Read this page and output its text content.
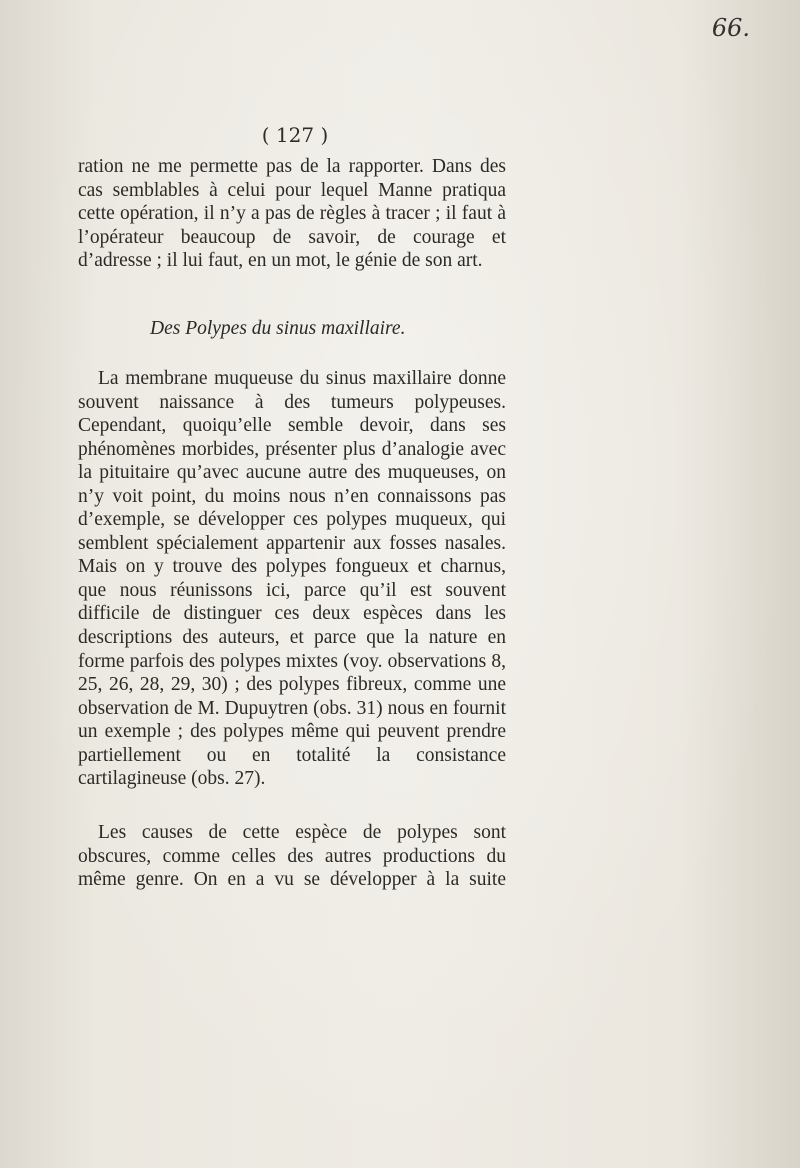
66.
( 127 )

ration ne me permette pas de la rapporter. Dans des cas semblables à celui pour lequel Manne pratiqua cette opération, il n’y a pas de règles à tracer ; il faut à l’opérateur beaucoup de savoir, de courage et d’adresse ; il lui faut, en un mot, le génie de son art.

Des Polypes du sinus maxillaire.

La membrane muqueuse du sinus maxillaire donne souvent naissance à des tumeurs polypeuses. Cependant, quoiqu’elle semble devoir, dans ses phénomènes morbides, présenter plus d’analogie avec la pituitaire qu’avec aucune autre des muqueuses, on n’y voit point, du moins nous n’en connaissons pas d’exemple, se développer ces polypes muqueux, qui semblent spécialement appartenir aux fosses nasales. Mais on y trouve des polypes fongueux et charnus, que nous réunissons ici, parce qu’il est souvent difficile de distinguer ces deux espèces dans les descriptions des auteurs, et parce que la nature en forme parfois des polypes mixtes (voy. observations 8, 25, 26, 28, 29, 30) ; des polypes fibreux, comme une observation de M. Dupuytren (obs. 31) nous en fournit un exemple ; des polypes même qui peuvent prendre partiellement ou en totalité la consistance cartilagineuse (obs. 27).

Les causes de cette espèce de polypes sont obscures, comme celles des autres productions du même genre. On en a vu se développer à la suite
